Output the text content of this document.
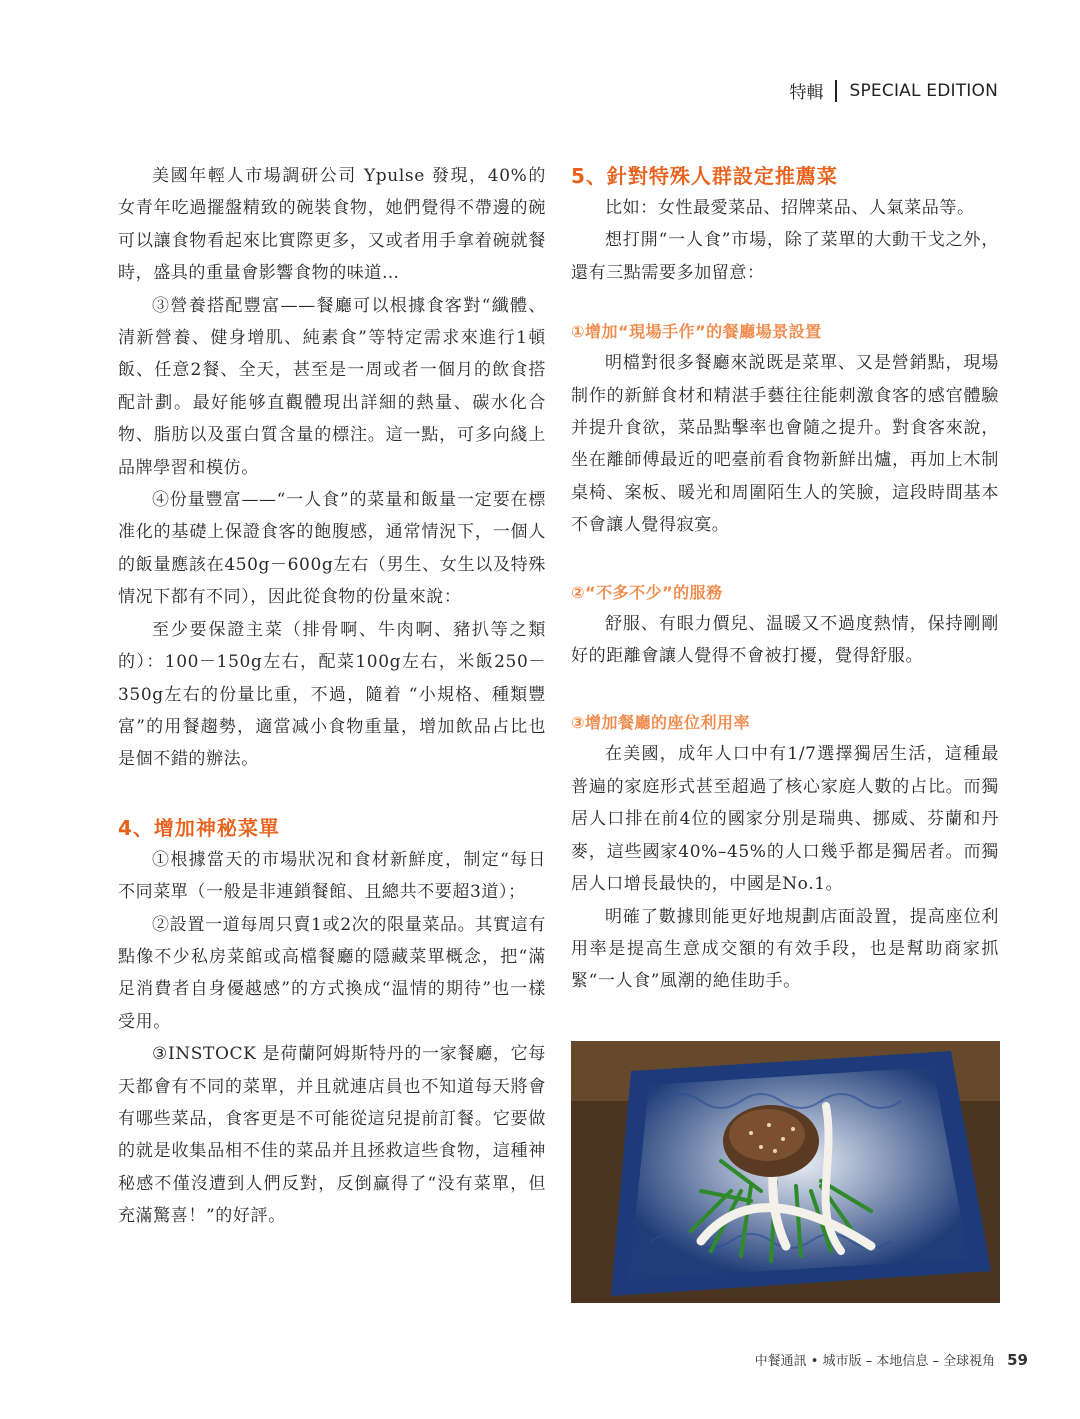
特輯 SPECIAL EDITION

美國年輕人市場調研公司 Ypulse 發現，40%的女青年吃過擺盤精致的碗裝食物，她們覺得不帶邊的碗可以讓食物看起來比實際更多，又或者用手拿着碗就餐時，盛具的重量會影響食物的味道…

③營養搭配豐富——餐廳可以根據食客對“纖體、清新營養、健身增肌、純素食”等特定需求來進行1頓飯、任意2餐、全天，甚至是一周或者一個月的飲食搭配計劃。最好能够直觀體現出詳細的熱量、碳水化合物、脂肪以及蛋白質含量的標注。這一點，可多向綫上品牌學習和模仿。

④份量豐富——“一人食”的菜量和飯量一定要在標准化的基礎上保證食客的飽腹感，通常情況下，一個人的飯量應該在450g－600g左右（男生、女生以及特殊情况下都有不同），因此從食物的份量來說：

至少要保證主菜（排骨啊、牛肉啊、豬扒等之類的）：100－150g左右，配菜100g左右，米飯250－350g左右的份量比重，不過，隨着 “小規格、種類豐富”的用餐趨勢，適當减小食物重量，增加飲品占比也是個不錯的辦法。

4、增加神秘菜單

①根據當天的市場狀况和食材新鮮度，制定“每日不同菜單（一般是非連鎖餐館、且總共不要超3道）；

②設置一道每周只賣1或2次的限量菜品。其實這有點像不少私房菜館或高檔餐廳的隱藏菜單概念，把“滿足消費者自身優越感”的方式換成“温情的期待”也一樣受用。

③INSTOCK 是荷蘭阿姆斯特丹的一家餐廳，它每天都會有不同的菜單，并且就連店員也不知道每天將會有哪些菜品，食客更是不可能從這兒提前訂餐。它要做的就是收集品相不佳的菜品并且拯救這些食物，這種神秘感不僅沒遭到人們反對，反倒赢得了“没有菜單，但充滿驚喜！”的好評。

5、針對特殊人群設定推薦菜

比如：女性最愛菜品、招牌菜品、人氣菜品等。

想打開“一人食”市場，除了菜單的大動干戈之外，還有三點需要多加留意：

①增加“現場手作”的餐廳場景設置

明檔對很多餐廳來説既是菜單、又是營銷點，現場制作的新鮮食材和精湛手藝往往能刺激食客的感官體驗并提升食欲，菜品點擊率也會隨之提升。對食客來說，坐在離師傅最近的吧臺前看食物新鮮出爐，再加上木制桌椅、案板、暖光和周圍陌生人的笑臉，這段時間基本不會讓人覺得寂寞。

②“不多不少”的服務

舒服、有眼力價兒、温暖又不過度熱情，保持剛剛好的距離會讓人覺得不會被打擾，覺得舒服。

③增加餐廳的座位利用率

在美國，成年人口中有1/7選擇獨居生活，這種最普遍的家庭形式甚至超過了核心家庭人數的占比。而獨居人口排在前4位的國家分別是瑞典、挪威、芬蘭和丹麥，這些國家40%–45%的人口幾乎都是獨居者。而獨居人口增長最快的，中國是No.1。

明確了數據則能更好地規劃店面設置，提高座位利用率是提高生意成交額的有效手段，也是幫助商家抓緊“一人食”風潮的絶佳助手。

中餐通訊 • 城市版 – 本地信息 – 全球視角 59
